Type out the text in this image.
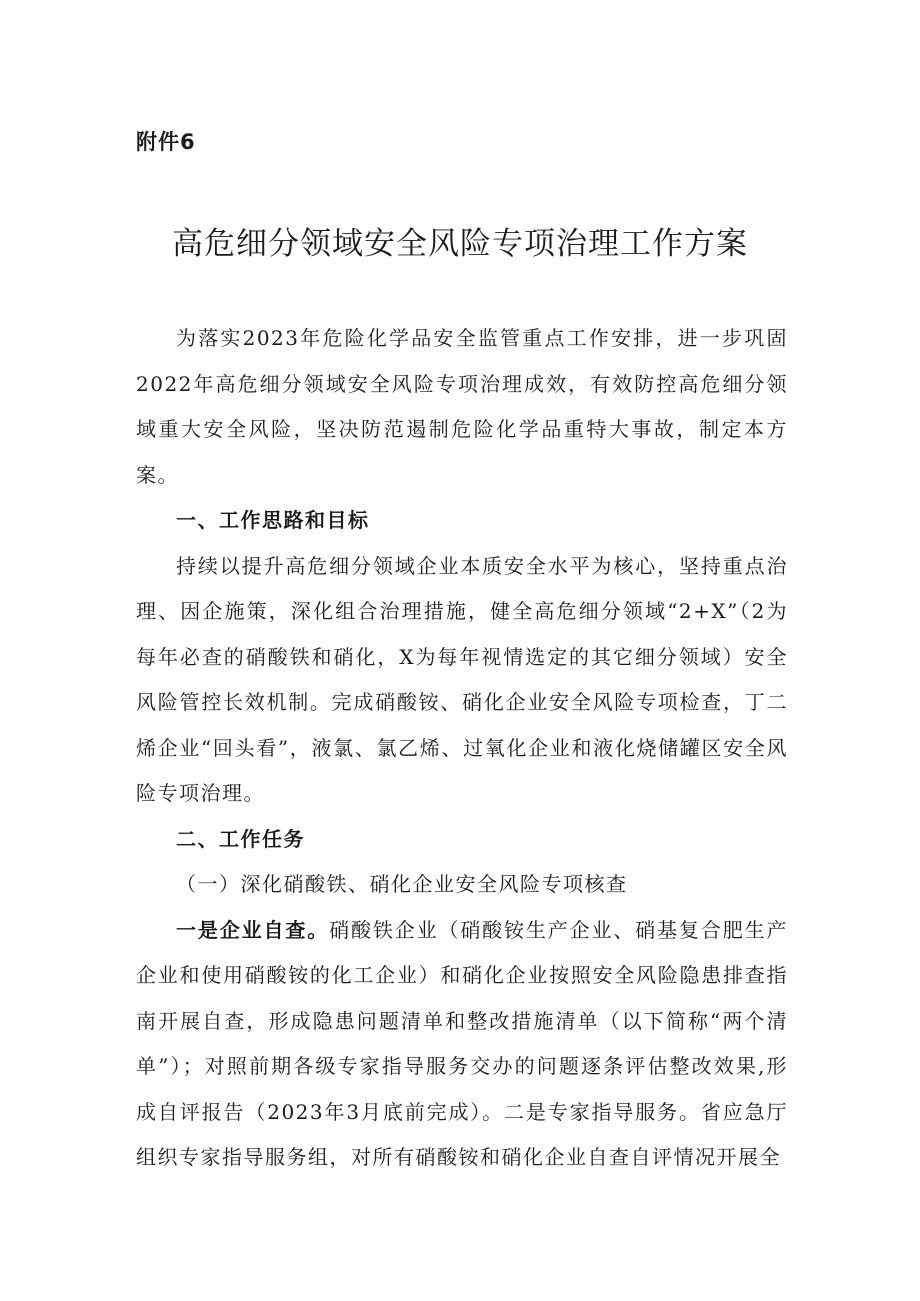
附件6
高危细分领域安全风险专项治理工作方案

为落实2023年危险化学品安全监管重点工作安排，进一步巩固2022年高危细分领域安全风险专项治理成效，有效防控高危细分领域重大安全风险，坚决防范遏制危险化学品重特大事故，制定本方案。

一、工作思路和目标

持续以提升高危细分领域企业本质安全水平为核心，坚持重点治理、因企施策，深化组合治理措施，健全高危细分领域“2+X”（2为每年必查的硝酸铁和硝化，X为每年视情选定的其它细分领域）安全风险管控长效机制。完成硝酸铵、硝化企业安全风险专项检查，丁二烯企业“回头看”，液氯、氯乙烯、过氧化企业和液化烧储罐区安全风险专项治理。

二、工作任务

（一）深化硝酸铁、硝化企业安全风险专项核查

一是企业自查。硝酸铁企业（硝酸铵生产企业、硝基复合肥生产企业和使用硝酸铵的化工企业）和硝化企业按照安全风险隐患排查指南开展自查，形成隐患问题清单和整改措施清单（以下简称“两个清单”）；对照前期各级专家指导服务交办的问题逐条评估整改效果,形成自评报告（2023年3月底前完成）。二是专家指导服务。省应急厅组织专家指导服务组，对所有硝酸铵和硝化企业自查自评情况开展全
